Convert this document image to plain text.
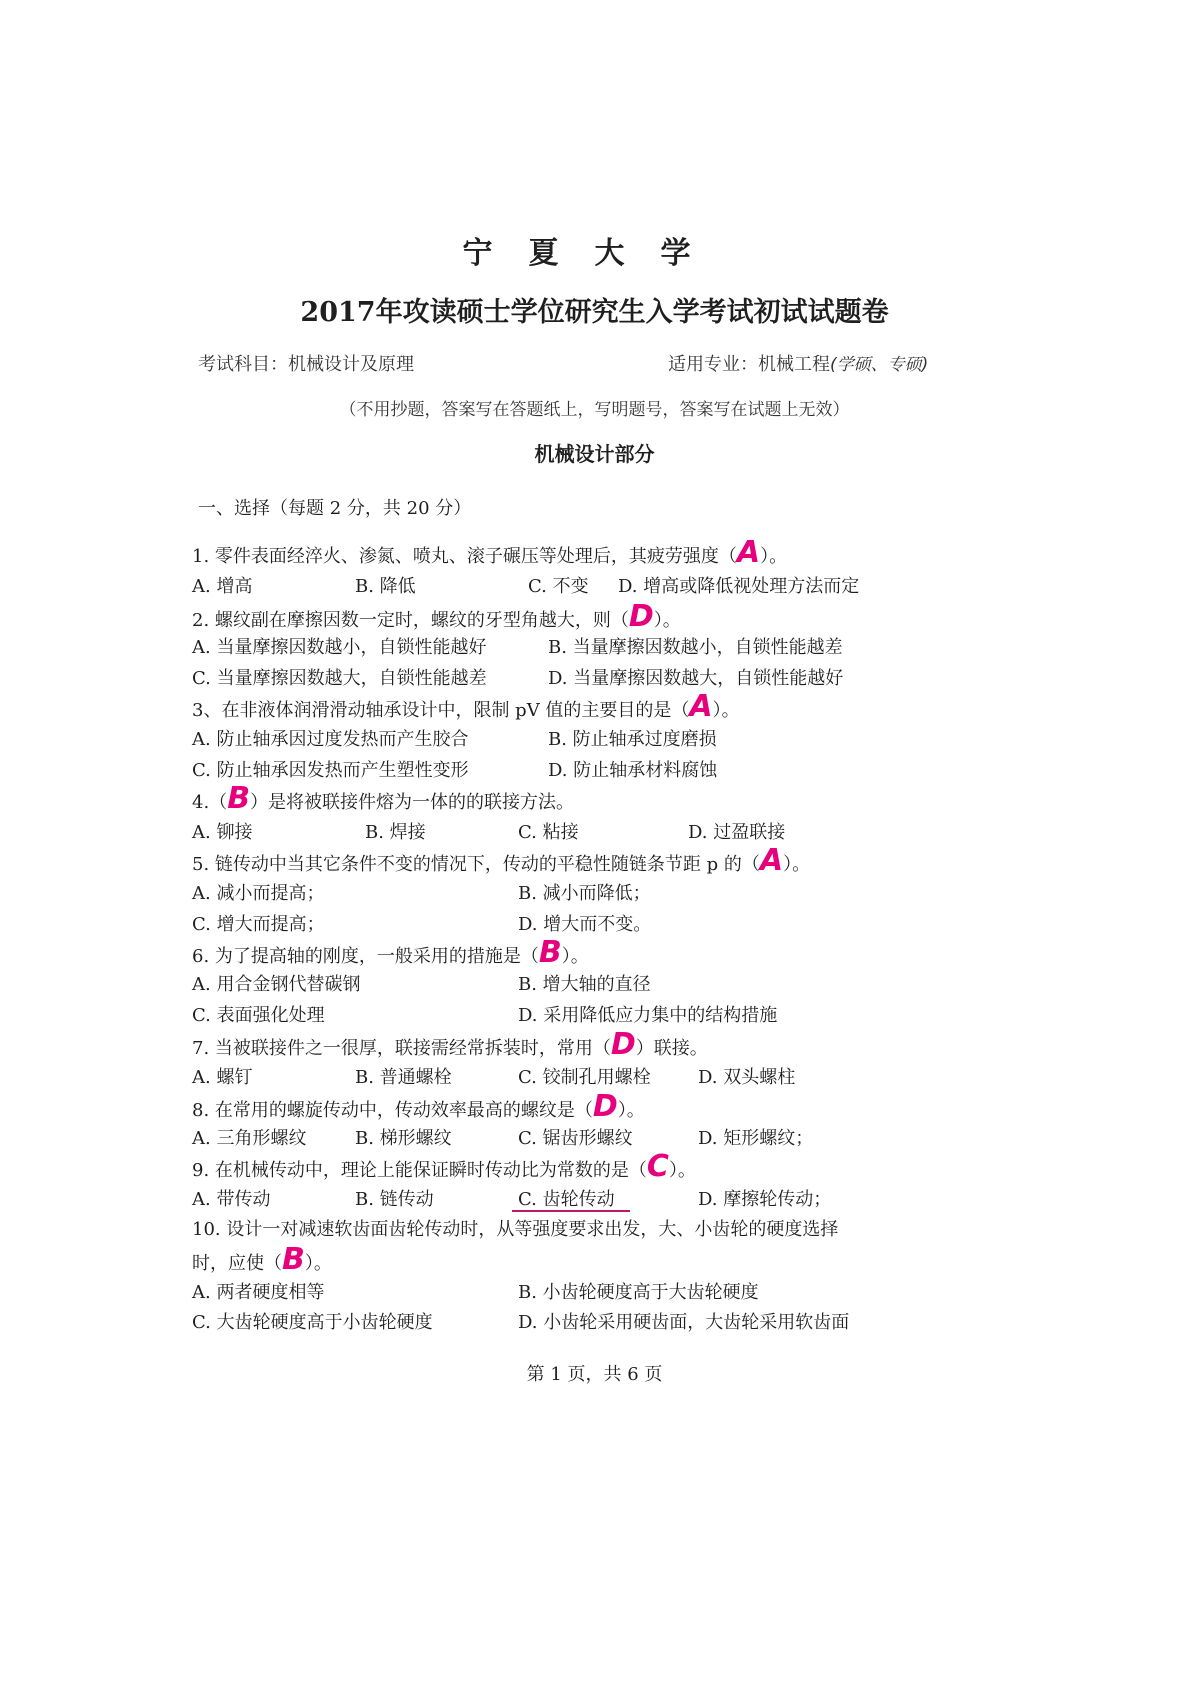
宁夏大学
2017年攻读硕士学位研究生入学考试初试试题卷
考试科目：机械设计及原理	适用专业：机械工程(学硕、专硕)
（不用抄题，答案写在答题纸上，写明题号，答案写在试题上无效）
机械设计部分
一、选择（每题 2 分，共 20 分）
1. 零件表面经淬火、渗氮、喷丸、滚子碾压等处理后，其疲劳强度（A）。
A. 增高	B. 降低	C. 不变 D. 增高或降低视处理方法而定
2. 螺纹副在摩擦因数一定时，螺纹的牙型角越大，则（D）。
A. 当量摩擦因数越小，自锁性能越好	B. 当量摩擦因数越小，自锁性能越差
C. 当量摩擦因数越大，自锁性能越差	D. 当量摩擦因数越大，自锁性能越好
3、在非液体润滑滑动轴承设计中，限制 pV 值的主要目的是（A）。
A. 防止轴承因过度发热而产生胶合	B. 防止轴承过度磨损
C. 防止轴承因发热而产生塑性变形	D. 防止轴承材料腐蚀
4.（B）是将被联接件熔为一体的的联接方法。
A. 铆接	B. 焊接	C. 粘接	D. 过盈联接
5. 链传动中当其它条件不变的情况下，传动的平稳性随链条节距 p 的（A）。
A. 减小而提高；	B. 减小而降低；
C. 增大而提高；	D. 增大而不变。
6. 为了提高轴的刚度，一般采用的措施是（B）。
A. 用合金钢代替碳钢	B. 增大轴的直径
C. 表面强化处理	D. 采用降低应力集中的结构措施
7. 当被联接件之一很厚，联接需经常拆装时，常用（D）联接。
A. 螺钉	B. 普通螺栓	C. 铰制孔用螺栓	D. 双头螺柱
8. 在常用的螺旋传动中，传动效率最高的螺纹是（D）。
A. 三角形螺纹	B. 梯形螺纹	C. 锯齿形螺纹	D. 矩形螺纹；
9. 在机械传动中，理论上能保证瞬时传动比为常数的是（C）。
A. 带传动	B. 链传动	C. 齿轮传动	D. 摩擦轮传动；
10. 设计一对减速软齿面齿轮传动时，从等强度要求出发，大、小齿轮的硬度选择
时，应使（B）。
A. 两者硬度相等	B. 小齿轮硬度高于大齿轮硬度
C. 大齿轮硬度高于小齿轮硬度	D. 小齿轮采用硬齿面，大齿轮采用软齿面
第 1 页，共 6 页
